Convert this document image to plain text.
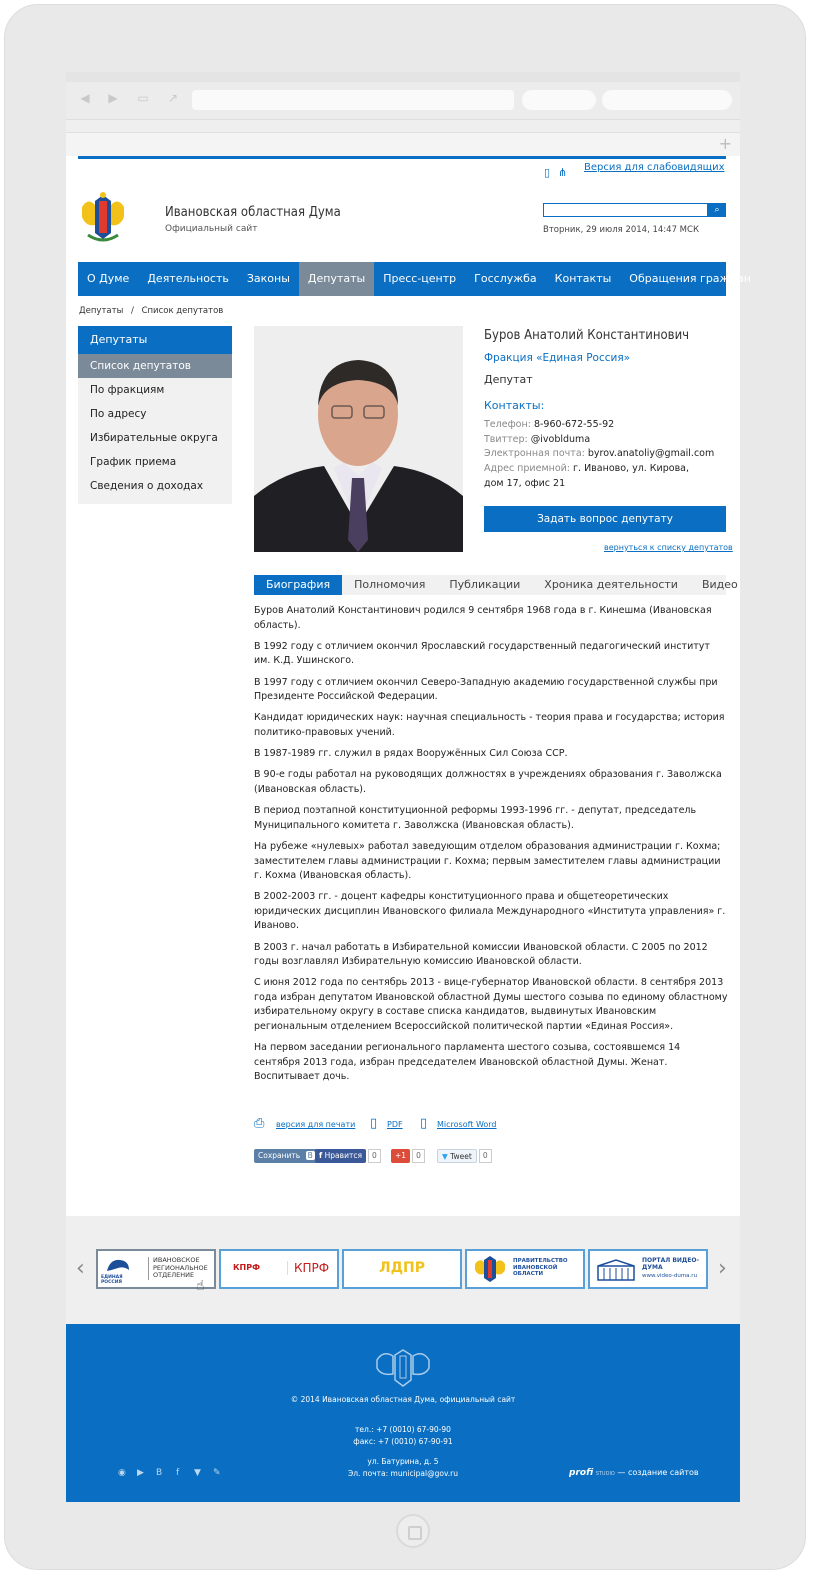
◀ ▶ ▭ ↗
+
▯ ⋔ Версия для слабовидящих
Ивановская областная Дума
Официальный сайт
⌕
Вторник, 29 июля 2014, 14:47 МСК
О Думе	Деятельность	Законы	Депутаты	Пресс-центр	Госслужба	Контакты	Обращения граждан
Депутаты / Список депутатов
Депутаты
Список депутатов
По фракциям
По адресу
Избирательные округа
График приема
Сведения о доходах
Буров Анатолий Константинович
Фракция «Единая Россия»
Депутат
Контакты:
Телефон: 8-960-672-55-92
Твиттер: @ivobldumа
Электронная почта: byrov.anatoliy@gmail.com
Адрес приемной: г. Иваново, ул. Кирова,
дом 17, офис 21
Задать вопрос депутату
вернуться к списку депутатов
Биография	Полномочия	Публикации	Хроника деятельности	Видео

Буров Анатолий Константинович родился 9 сентября 1968 года в г. Кинешма (Ивановская область).

В 1992 году с отличием окончил Ярославский государственный педагогический институт им. К.Д. Ушинского.

В 1997 году с отличием окончил Северо-Западную академию государственной службы при Президенте Российской Федерации.

Кандидат юридических наук: научная специальность - теория права и государства; история политико-правовых учений.

В 1987-1989 гг. служил в рядах Вооружённых Сил Союза ССР.

В 90-е годы работал на руководящих должностях в учреждениях образования г. Заволжска (Ивановская область).

В период поэтапной конституционной реформы 1993-1996 гг. - депутат, председатель Муниципального комитета г. Заволжска (Ивановская область).

На рубеже «нулевых» работал заведующим отделом образования администрации г. Кохма; заместителем главы администрации г. Кохма; первым заместителем главы администрации г. Кохма (Ивановская область).

В 2002-2003 гг. - доцент кафедры конституционного права и общетеоретических юридических дисциплин Ивановского филиала Международного «Института управления» г. Иваново.

В 2003 г. начал работать в Избирательной комиссии Ивановской области. С 2005 по 2012 годы возглавлял Избирательную комиссию Ивановской области.

С июня 2012 года по сентябрь 2013 - вице-губернатор Ивановской области. 8 сентября 2013 года избран депутатом Ивановской областной Думы шестого созыва по единому областному избирательному округу в составе списка кандидатов, выдвинутых Ивановским региональным отделением Всероссийской политической партии «Единая Россия».

На первом заседании регионального парламента шестого созыва, состоявшемся 14 сентября 2013 года, избран председателем Ивановской областной Думы. Женат. Воспитывает дочь.

⎙ версия для печати ▯ PDF ▯ Microsoft Word
Сохранить В f Нравится 0	+1 0	▼ Tweet 0
‹	ЕДИНАЯ РОССИЯ
ИВАНОВСКОЕ РЕГИОНАЛЬНОЕ ОТДЕЛЕНИЕ
КПРФ	КПРФ	ЛДПР	ПРАВИТЕЛЬСТВО ИВАНОВСКОЙ ОБЛАСТИ
ПОРТАЛ ВИДЕО-ДУМА
www.video-duma.ru ›
☝
© 2014 Ивановская областная Дума, официальный сайт
тел.: +7 (0010) 67-90-90
факс: +7 (0010) 67-90-91
ул. Батурина, д. 5
Эл. почта: municipal@gov.ru
◉ ▶ В f ▼ ✎	profi STUDIO — создание сайтов
